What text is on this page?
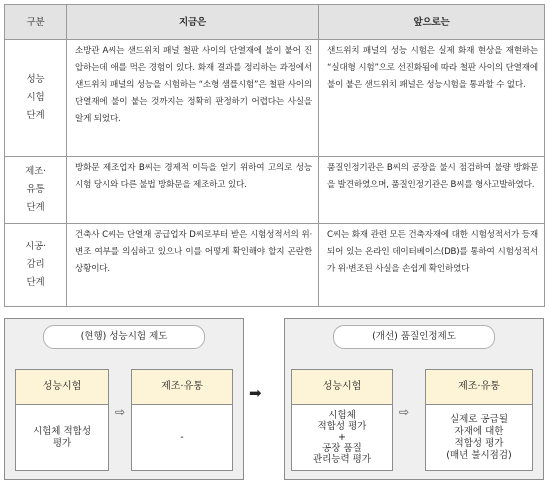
구분	지금은	앞으로는
성능
시험
단계	소방관 A씨는 샌드위치 패널 철판 사이의 단열재에 불이 붙어 진압하는데 애를 먹은 경험이 있다. 화재 결과를 정리하는 과정에서 샌드위치 패널의 성능을 시험하는 “소형 샘플시험”은 철판 사이의 단열재에 불이 붙는 것까지는 정확히 판정하기 어렵다는 사실을 알게 되었다.	샌드위치 패널의 성능 시험은 실제 화재 현상을 재현하는 “실대형 시험”으로 선진화됨에 따라 철판 사이의 단열재에 불이 붙은 샌드위치 패널은 성능시험을 통과할 수 없다.
제조·
유통
단계	방화문 제조업자 B씨는 경제적 이득을 얻기 위하여 고의로 성능 시험 당시와 다른 불법 방화문을 제조하고 있다.	품질인정기관은 B씨의 공장을 불시 점검하여 불량 방화문을 발견하였으며, 품질인정기관은 B씨를 형사고발하였다.
시공·
감리
단계	건축사 C씨는 단열재 공급업자 D씨로부터 받은 시험성적서의 위·변조 여부를 의심하고 있으나 이를 어떻게 확인해야 할지 곤란한 상황이다.	C씨는 화재 관련 모든 건축자재에 대한 시험성적서가 등재되어 있는 온라인 데이터베이스(DB)를 통하여 시험성적서가 위·변조된 사실을 손쉽게 확인하였다
(현행) 성능시험 제도
성능시험
시험체 적합성
평가
⇨
제조·유통
-
➡
(개선) 품질인정제도
성능시험
시험체
적합성 평가
+
공장 품질
관리능력 평가
⇨
제조·유통
실제로 공급될
자재에 대한
적합성 평가
(매년 불시점검)
